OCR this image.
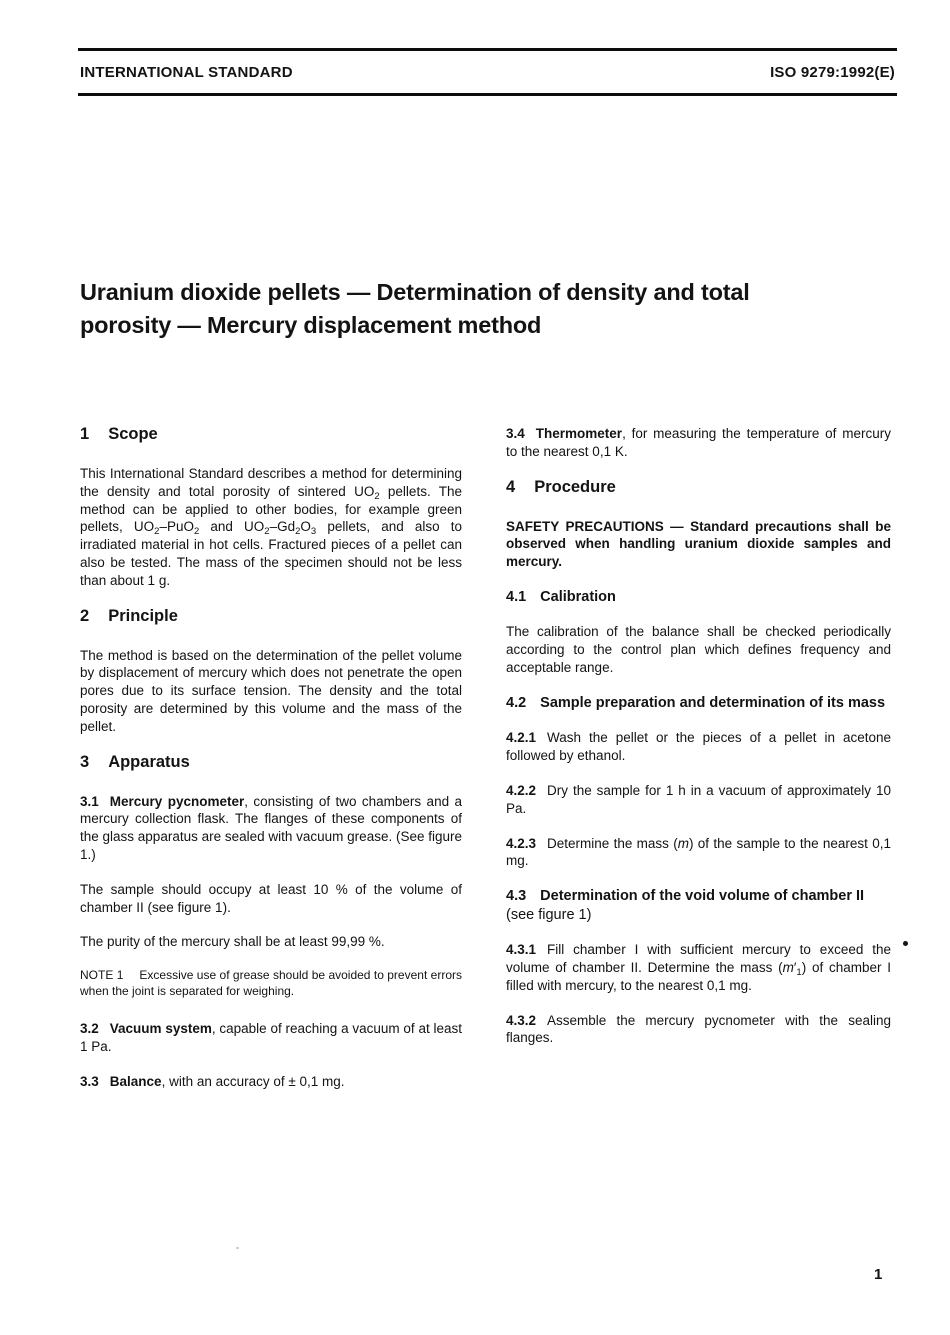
INTERNATIONAL STANDARD	ISO 9279:1992(E)
Uranium dioxide pellets — Determination of density and total
porosity — Mercury displacement method
1 Scope

This International Standard describes a method for determining the density and total porosity of sintered $UO_2$ pellets. The method can be applied to other bodies, for example green pellets, $UO_2-PuO_2$ and $UO_2-Gd_2O_3$ pellets, and also to irradiated material in hot cells. Fractured pieces of a pellet can also be tested. The mass of the specimen should not be less than about 1 g.

2 Principle

The method is based on the determination of the pellet volume by displacement of mercury which does not penetrate the open pores due to its surface tension. The density and the total porosity are determined by this volume and the mass of the pellet.

3 Apparatus

3.1 Mercury pycnometer, consisting of two chambers and a mercury collection flask. The flanges of these components of the glass apparatus are sealed with vacuum grease. (See figure 1.)

The sample should occupy at least 10 % of the volume of chamber II (see figure 1).

The purity of the mercury shall be at least 99,99 %.

NOTE 1 Excessive use of grease should be avoided to prevent errors when the joint is separated for weighing.

3.2 Vacuum system, capable of reaching a vacuum of at least 1 Pa.

3.3 Balance, with an accuracy of ± 0,1 mg.

3.4 Thermometer, for measuring the temperature of mercury to the nearest 0,1 K.

4 Procedure

SAFETY PRECAUTIONS — Standard precautions shall be observed when handling uranium dioxide samples and mercury.

4.1 Calibration

The calibration of the balance shall be checked periodically according to the control plan which defines frequency and acceptable range.

4.2 Sample preparation and determination of its mass

4.2.1 Wash the pellet or the pieces of a pellet in acetone followed by ethanol.

4.2.2 Dry the sample for 1 h in a vacuum of approximately 10 Pa.

4.2.3 Determine the mass (m) of the sample to the nearest 0,1 mg.

4.3 Determination of the void volume of chamber II (see figure 1)

4.3.1 Fill chamber I with sufficient mercury to exceed the volume of chamber II. Determine the mass $(m'_1)$ of chamber I filled with mercury, to the nearest 0,1 mg.

4.3.2 Assemble the mercury pycnometer with the sealing flanges.

1
